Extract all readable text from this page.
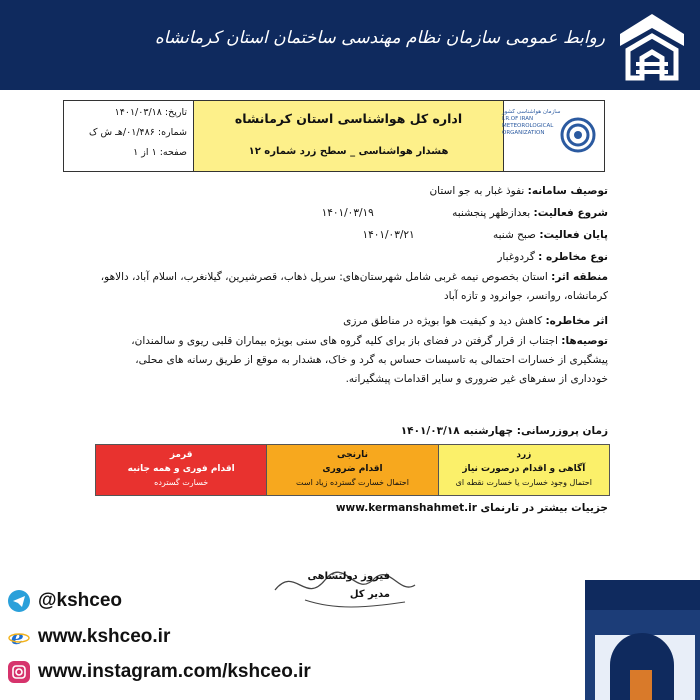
روابط عمومی سازمان نظام مهندسی ساختمان استان کرمانشاه
تاریخ: ۱۴۰۱/۰۳/۱۸
شماره: ۰۱/۴۸۶/هـ ش ک
صفحه: ۱ از ۱
اداره کل هواشناسی استان کرمانشاه
هشدار هواشناسی _ سطح زرد شماره ۱۲
سازمان هواشناسی کشور I.R.OF IRAN METEOROLOGICAL ORGANIZATION
توصیف سامانه: نفوذ غبار به جو استان
شروع فعالیت: بعدازظهر پنجشنبه ۱۴۰۱/۰۳/۱۹
پایان فعالیت: صبح شنبه ۱۴۰۱/۰۳/۲۱
نوع مخاطره : گردوغبار
منطقه اثر: استان بخصوص نیمه غربی شامل شهرستان‌های: سرپل ذهاب، قصرشیرین، گیلانغرب، اسلام آباد، دالاهو، کرمانشاه، روانسر، جوانرود و تازه آباد
اثر مخاطره: کاهش دید و کیفیت هوا بویژه در مناطق مرزی
توصیه‌ها: اجتناب از قرار گرفتن در فضای باز برای کلیه گروه های سنی بویژه بیماران قلبی ریوی و سالمندان، پیشگیری از خسارات احتمالی به تاسیسات حساس به گرد و خاک، هشدار به موقع از طریق رسانه های محلی، خودداری از سفرهای غیر ضروری و سایر اقدامات پیشگیرانه.
زمان پروزرسانی: چهارشنبه ۱۴۰۱/۰۳/۱۸
قرمز
اقدام فوری و همه جانبه
خسارت گسترده
نارنجی
اقدام ضروری
احتمال خسارت گسترده زیاد است
زرد
آگاهی و اقدام درصورت نیاز
احتمال وجود خسارت یا خسارت نقطه ای
جزییات بیشتر در تارنمای www.kermanshahmet.ir
فیروز دولتشاهی
مدیر کل
@kshceo
e www.kshceo.ir
www.instagram.com/kshceo.ir
